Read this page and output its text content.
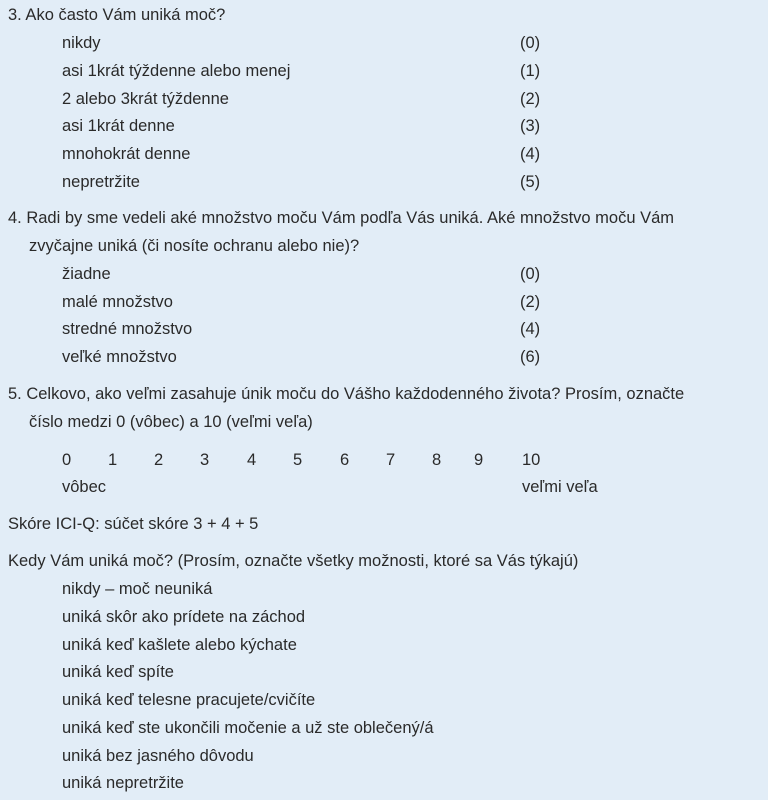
3. Ako často Vám uniká moč?
nikdy	(0)
asi 1krát týždenne alebo menej	(1)
2 alebo 3krát týždenne	(2)
asi 1krát denne	(3)
mnohokrát denne	(4)
nepretržite	(5)
4. Radi by sme vedeli aké množstvo moču Vám podľa Vás uniká. Aké množstvo moču Vám
zvyčajne uniká (či nosíte ochranu alebo nie)?
žiadne	(0)
malé množstvo	(2)
stredné množstvo	(4)
veľké množstvo	(6)
5. Celkovo, ako veľmi zasahuje únik moču do Vášho každodenného života? Prosím, označte
číslo medzi 0 (vôbec) a 10 (veľmi veľa)
0 1 2 3 4 5 6 7 8 9 10
vôbec	veľmi veľa
Skóre ICI-Q: súčet skóre 3 + 4 + 5
Kedy Vám uniká moč? (Prosím, označte všetky možnosti, ktoré sa Vás týkajú)
nikdy – moč neuniká
uniká skôr ako prídete na záchod
uniká keď kašlete alebo kýchate
uniká keď spíte
uniká keď telesne pracujete/cvičíte
uniká keď ste ukončili močenie a už ste oblečený/á
uniká bez jasného dôvodu
uniká nepretržite
